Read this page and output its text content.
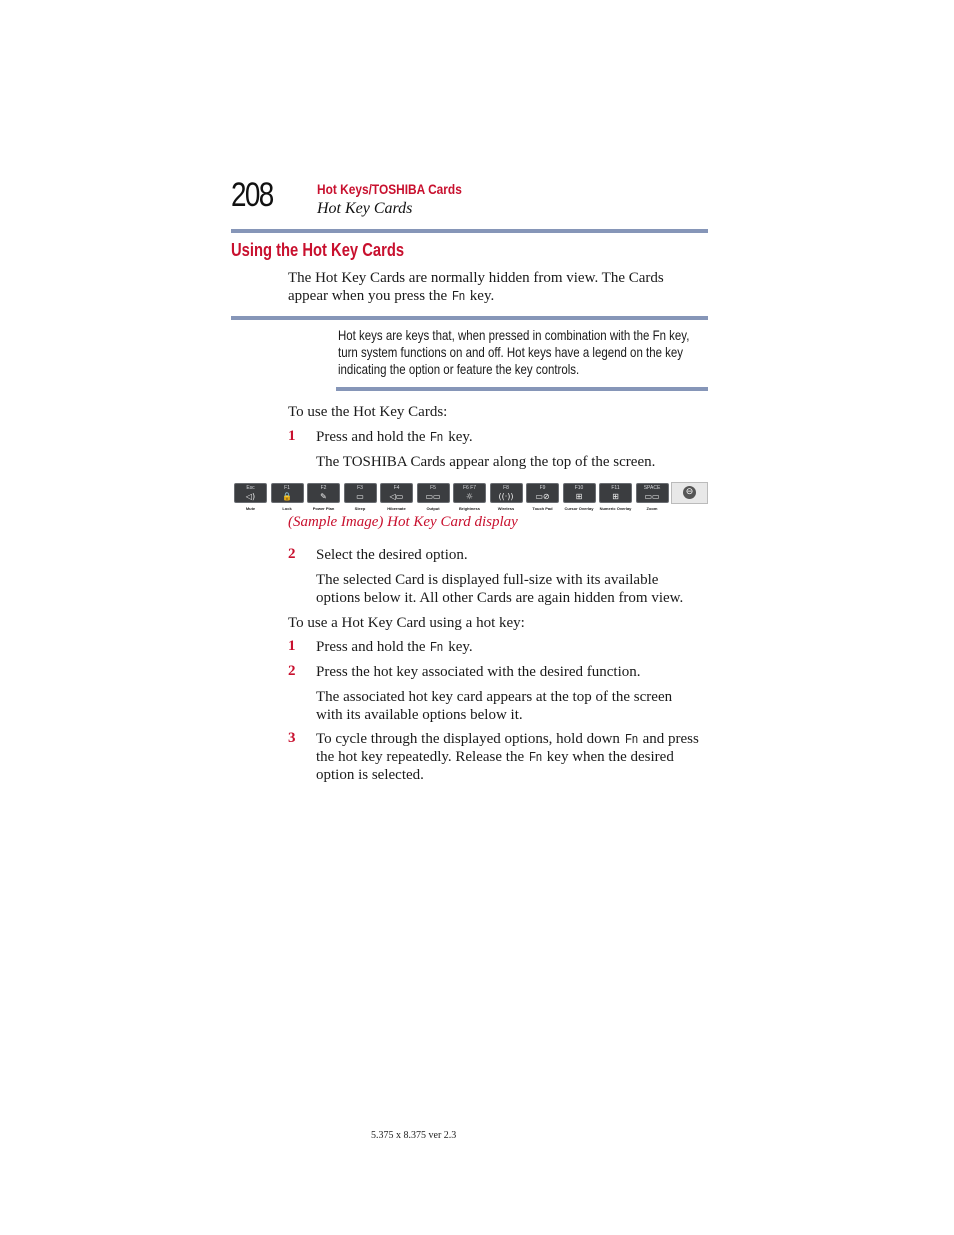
208	Hot Keys/TOSHIBA Cards
Hot Key Cards
Using the Hot Key Cards
The Hot Key Cards are normally hidden from view. The Cards
appear when you press the Fn key.
Hot keys are keys that, when pressed in combination with the Fn key,
turn system functions on and off. Hot keys have a legend on the key
indicating the option or feature the key controls.
To use the Hot Key Cards:
1 Press and hold the Fn key.
The TOSHIBA Cards appear along the top of the screen.
Esc
◁)
Mute
F1
🔒
Lock
F2
✎
Power Plan
F3
▭
Sleep
F4
◁▭
Hibernate
F5
▭▭
Output
F6 F7
☼
Brightness
F8
((·))
Wireless
F9
▭⊘
Touch Pad
F10
⊞
Cursor Overlay
F11
⊞
Numeric Overlay
SPACE
▭▭
Zoom
⊖
(Sample Image) Hot Key Card display
2 Select the desired option.
The selected Card is displayed full-size with its available
options below it. All other Cards are again hidden from view.
To use a Hot Key Card using a hot key:
1 Press and hold the Fn key.
2 Press the hot key associated with the desired function.
The associated hot key card appears at the top of the screen
with its available options below it.
3 To cycle through the displayed options, hold down Fn and press
the hot key repeatedly. Release the Fn key when the desired
option is selected.
5.375 x 8.375 ver 2.3
